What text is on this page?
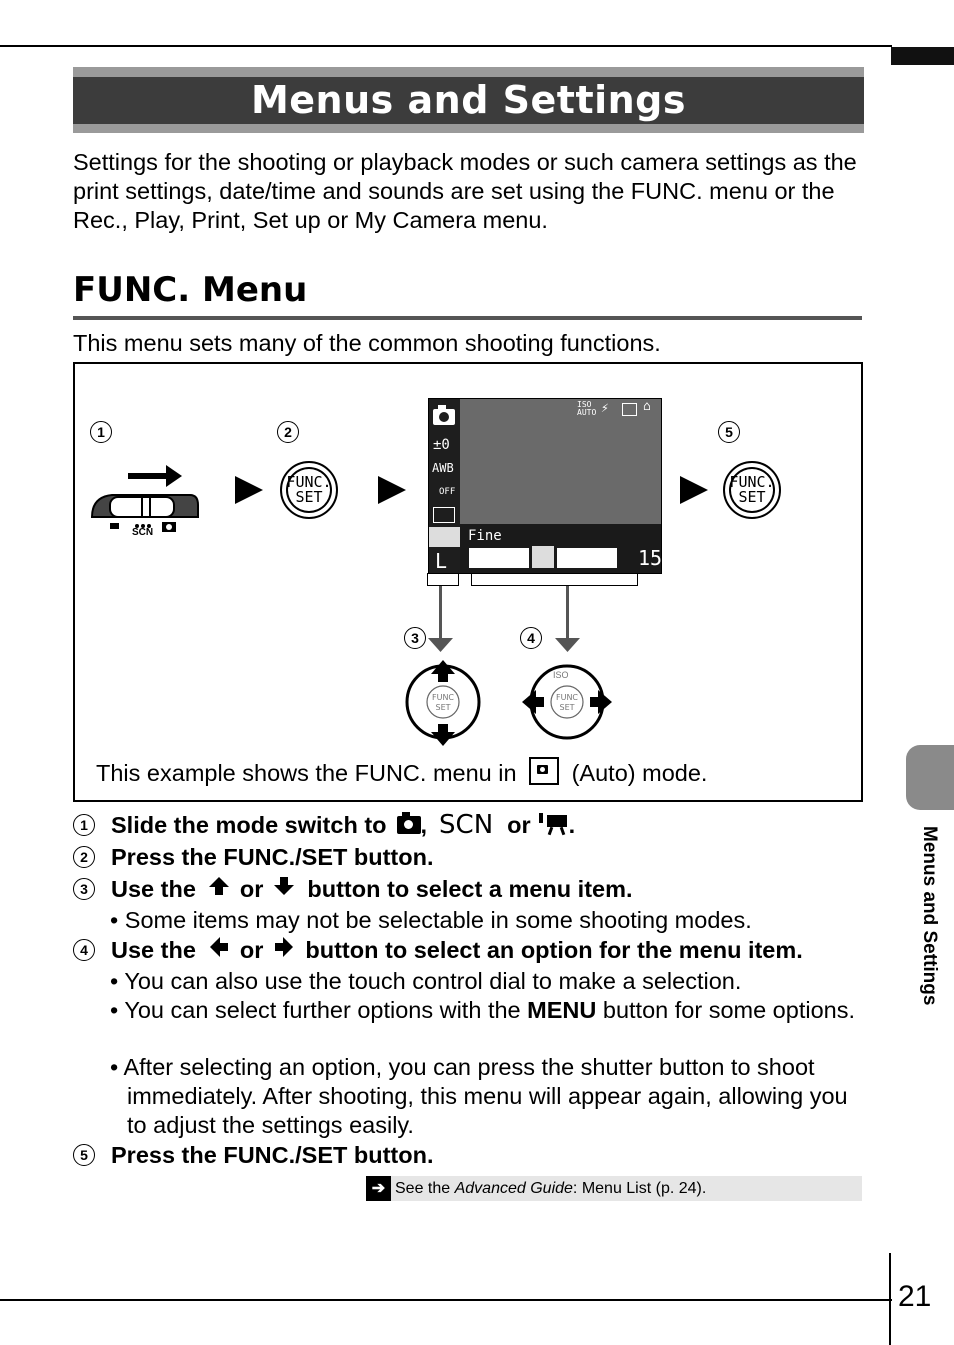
Menus and Settings
Settings for the shooting or playback modes or such camera settings as the print settings, date/time and sounds are set using the FUNC. menu or the Rec., Play, Print, Set up or My Camera menu.
FUNC. Menu
This menu sets many of the common shooting functions.
1
SCN
2
FUNC.
SET
±0
AWB
OFF
L
ISO AUTO ⚡	⌂
Fine
15
5
FUNC.
SET
3
FUNC
SET
4
FUNC
SET
ISO
This example shows the FUNC. menu in (Auto) mode.
1 Slide the mode switch to , SCN or .
2 Press the FUNC./SET button.
3 Use the or button to select a menu item.
• Some items may not be selectable in some shooting modes.
4 Use the or button to select an option for the menu item.
• You can also use the touch control dial to make a selection.
• You can select further options with the MENU button for some options.
• After selecting an option, you can press the shutter button to shoot immediately. After shooting, this menu will appear again, allowing you to adjust the settings easily.
5 Press the FUNC./SET button.
➔ See the Advanced Guide: Menu List (p. 24).
Menus and Settings
21
